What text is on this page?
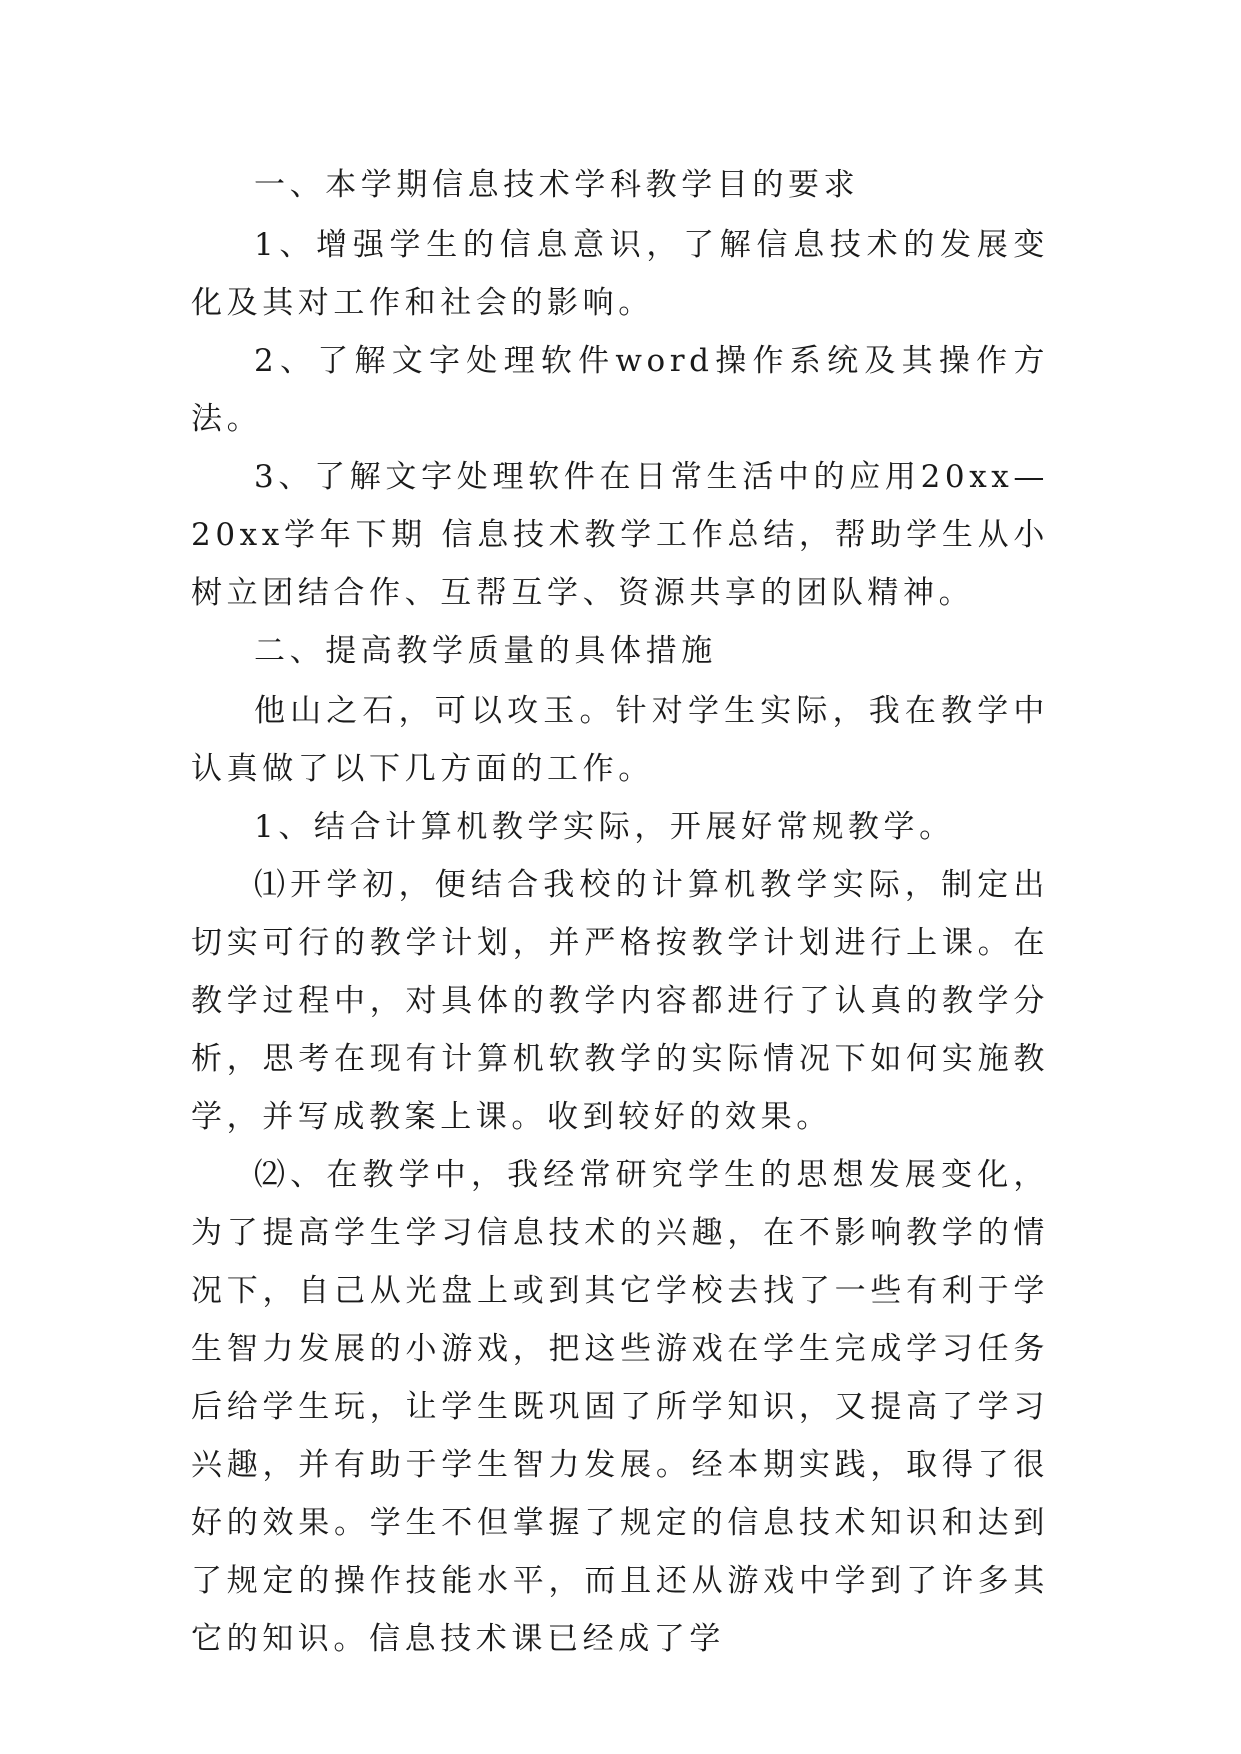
一、本学期信息技术学科教学目的要求

1、增强学生的信息意识，了解信息技术的发展变化及其对工作和社会的影响。

2、了解文字处理软件word操作系统及其操作方法。

3、了解文字处理软件在日常生活中的应用20xx—20xx学年下期 信息技术教学工作总结，帮助学生从小树立团结合作、互帮互学、资源共享的团队精神。

二、提高教学质量的具体措施

他山之石，可以攻玉。针对学生实际，我在教学中认真做了以下几方面的工作。

1、结合计算机教学实际，开展好常规教学。

⑴开学初，便结合我校的计算机教学实际，制定出切实可行的教学计划，并严格按教学计划进行上课。在教学过程中，对具体的教学内容都进行了认真的教学分析，思考在现有计算机软教学的实际情况下如何实施教学，并写成教案上课。收到较好的效果。

⑵、在教学中，我经常研究学生的思想发展变化，为了提高学生学习信息技术的兴趣，在不影响教学的情况下，自己从光盘上或到其它学校去找了一些有利于学生智力发展的小游戏，把这些游戏在学生完成学习任务后给学生玩，让学生既巩固了所学知识，又提高了学习兴趣，并有助于学生智力发展。经本期实践，取得了很好的效果。学生不但掌握了规定的信息技术知识和达到了规定的操作技能水平，而且还从游戏中学到了许多其它的知识。信息技术课已经成了学
